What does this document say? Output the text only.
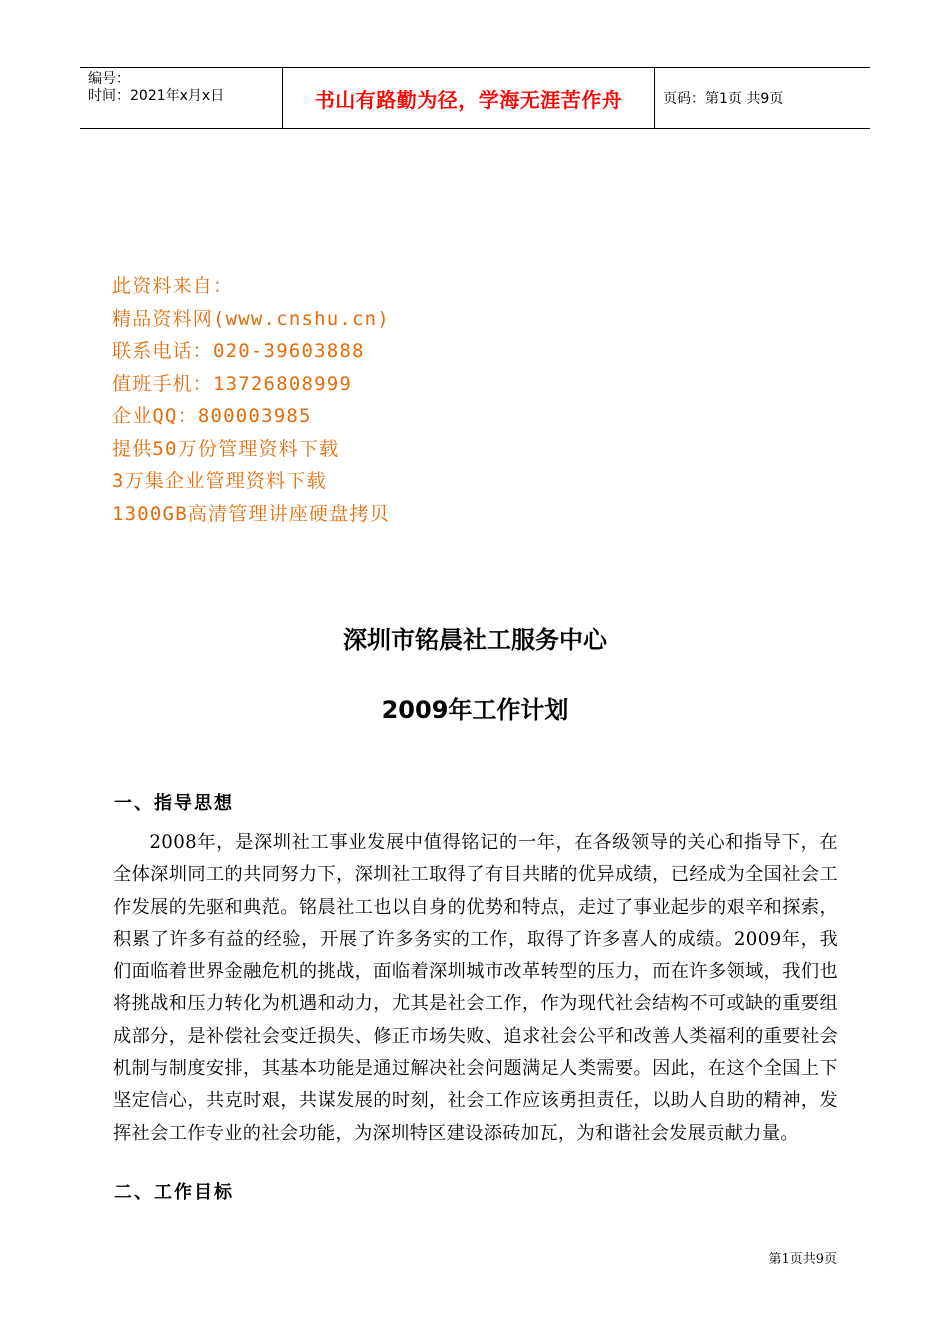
编号：
时间：2021年x月x日	书山有路勤为径，学海无涯苦作舟	页码：第1页 共9页
此资料来自：
精品资料网(www.cnshu.cn)
联系电话：020-39603888
值班手机：13726808999
企业QQ：800003985
提供50万份管理资料下载
3万集企业管理资料下载
1300GB高清管理讲座硬盘拷贝
深圳市铭晨社工服务中心
2009年工作计划
一、指导思想
2008年，是深圳社工事业发展中值得铭记的一年，在各级领导的关心和指导下，在全体深圳同工的共同努力下，深圳社工取得了有目共睹的优异成绩，已经成为全国社会工作发展的先驱和典范。铭晨社工也以自身的优势和特点，走过了事业起步的艰辛和探索，积累了许多有益的经验，开展了许多务实的工作，取得了许多喜人的成绩。2009年，我们面临着世界金融危机的挑战，面临着深圳城市改革转型的压力，而在许多领域，我们也将挑战和压力转化为机遇和动力，尤其是社会工作，作为现代社会结构不可或缺的重要组成部分，是补偿社会变迁损失、修正市场失败、追求社会公平和改善人类福利的重要社会机制与制度安排，其基本功能是通过解决社会问题满足人类需要。因此，在这个全国上下坚定信心，共克时艰，共谋发展的时刻，社会工作应该勇担责任，以助人自助的精神，发挥社会工作专业的社会功能，为深圳特区建设添砖加瓦，为和谐社会发展贡献力量。
二、工作目标
第1页共9页
